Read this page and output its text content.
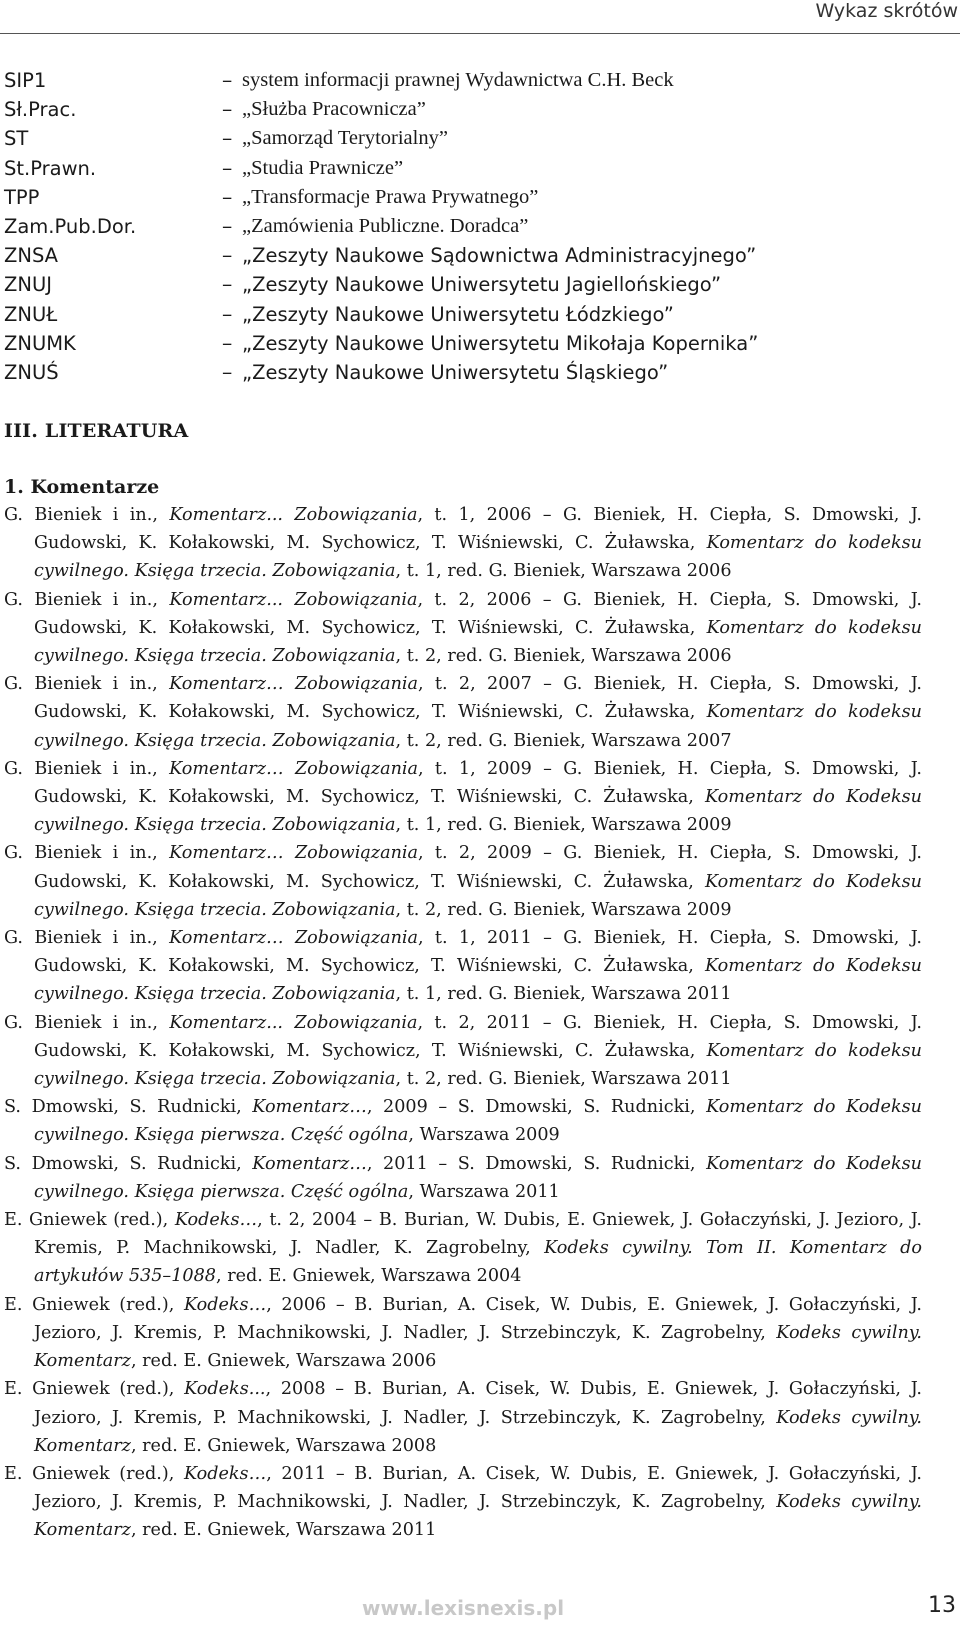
Wykaz skrótów
SIP1	– system informacji prawnej Wydawnictwa C.H. Beck
Sł.Prac.	– „Służba Pracownicza”
ST	– „Samorząd Terytorialny”
St.Prawn.	– „Studia Prawnicze”
TPP	– „Transformacje Prawa Prywatnego”
Zam.Pub.Dor.	– „Zamówienia Publiczne. Doradca”
ZNSA	– „Zeszyty Naukowe Sądownictwa Administracyjnego”
ZNUJ	– „Zeszyty Naukowe Uniwersytetu Jagiellońskiego”
ZNUŁ	– „Zeszyty Naukowe Uniwersytetu Łódzkiego”
ZNUMK	– „Zeszyty Naukowe Uniwersytetu Mikołaja Kopernika”
ZNUŚ	– „Zeszyty Naukowe Uniwersytetu Śląskiego”
III. LITERATURA
1. Komentarze

G. Bieniek i in., Komentarz... Zobowiązania, t. 1, 2006 – G. Bieniek, H. Ciepła, S. Dmowski, J. Gudowski, K. Kołakowski, M. Sychowicz, T. Wiśniewski, C. Żuławska, Komentarz do kodeksu cywilnego. Księga trzecia. Zobowiązania, t. 1, red. G. Bieniek, Warszawa 2006

G. Bieniek i in., Komentarz... Zobowiązania, t. 2, 2006 – G. Bieniek, H. Ciepła, S. Dmowski, J. Gudowski, K. Kołakowski, M. Sychowicz, T. Wiśniewski, C. Żuławska, Komentarz do kodeksu cywilnego. Księga trzecia. Zobowiązania, t. 2, red. G. Bieniek, Warszawa 2006

G. Bieniek i in., Komentarz… Zobowiązania, t. 2, 2007 – G. Bieniek, H. Ciepła, S. Dmowski, J. Gudowski, K. Kołakowski, M. Sychowicz, T. Wiśniewski, C. Żuławska, Komentarz do kodeksu cywilnego. Księga trzecia. Zobowiązania, t. 2, red. G. Bieniek, Warszawa 2007

G. Bieniek i in., Komentarz… Zobowiązania, t. 1, 2009 – G. Bieniek, H. Ciepła, S. Dmowski, J. Gudowski, K. Kołakowski, M. Sychowicz, T. Wiśniewski, C. Żuławska, Komentarz do Kodeksu cywilnego. Księga trzecia. Zobowiązania, t. 1, red. G. Bieniek, Warszawa 2009

G. Bieniek i in., Komentarz… Zobowiązania, t. 2, 2009 – G. Bieniek, H. Ciepła, S. Dmowski, J. Gudowski, K. Kołakowski, M. Sychowicz, T. Wiśniewski, C. Żuławska, Komentarz do Kodeksu cywilnego. Księga trzecia. Zobowiązania, t. 2, red. G. Bieniek, Warszawa 2009

G. Bieniek i in., Komentarz… Zobowiązania, t. 1, 2011 – G. Bieniek, H. Ciepła, S. Dmowski, J. Gudowski, K. Kołakowski, M. Sychowicz, T. Wiśniewski, C. Żuławska, Komentarz do Kodeksu cywilnego. Księga trzecia. Zobowiązania, t. 1, red. G. Bieniek, Warszawa 2011

G. Bieniek i in., Komentarz... Zobowiązania, t. 2, 2011 – G. Bieniek, H. Ciepła, S. Dmowski, J. Gudowski, K. Kołakowski, M. Sychowicz, T. Wiśniewski, C. Żuławska, Komentarz do kodeksu cywilnego. Księga trzecia. Zobowiązania, t. 2, red. G. Bieniek, Warszawa 2011

S. Dmowski, S. Rudnicki, Komentarz…, 2009 – S. Dmowski, S. Rudnicki, Komentarz do Kodeksu cywilnego. Księga pierwsza. Część ogólna, Warszawa 2009

S. Dmowski, S. Rudnicki, Komentarz…, 2011 – S. Dmowski, S. Rudnicki, Komentarz do Kodeksu cywilnego. Księga pierwsza. Część ogólna, Warszawa 2011

E. Gniewek (red.), Kodeks…, t. 2, 2004 – B. Burian, W. Dubis, E. Gniewek, J. Gołaczyński, J. Jezioro, J. Kremis, P. Machnikowski, J. Nadler, K. Zagrobelny, Kodeks cywilny. Tom II. Komentarz do artykułów 535–1088, red. E. Gniewek, Warszawa 2004

E. Gniewek (red.), Kodeks…, 2006 – B. Burian, A. Cisek, W. Dubis, E. Gniewek, J. Gołaczyński, J. Jezioro, J. Kremis, P. Machnikowski, J. Nadler, J. Strzebinczyk, K. Zagrobelny, Kodeks cywilny. Komentarz, red. E. Gniewek, Warszawa 2006

E. Gniewek (red.), Kodeks..., 2008 – B. Burian, A. Cisek, W. Dubis, E. Gniewek, J. Gołaczyński, J. Jezioro, J. Kremis, P. Machnikowski, J. Nadler, J. Strzebinczyk, K. Zagrobelny, Kodeks cywilny. Komentarz, red. E. Gniewek, Warszawa 2008

E. Gniewek (red.), Kodeks…, 2011 – B. Burian, A. Cisek, W. Dubis, E. Gniewek, J. Gołaczyński, J. Jezioro, J. Kremis, P. Machnikowski, J. Nadler, J. Strzebinczyk, K. Zagrobelny, Kodeks cywilny. Komentarz, red. E. Gniewek, Warszawa 2011

www.lexisnexis.pl	13
